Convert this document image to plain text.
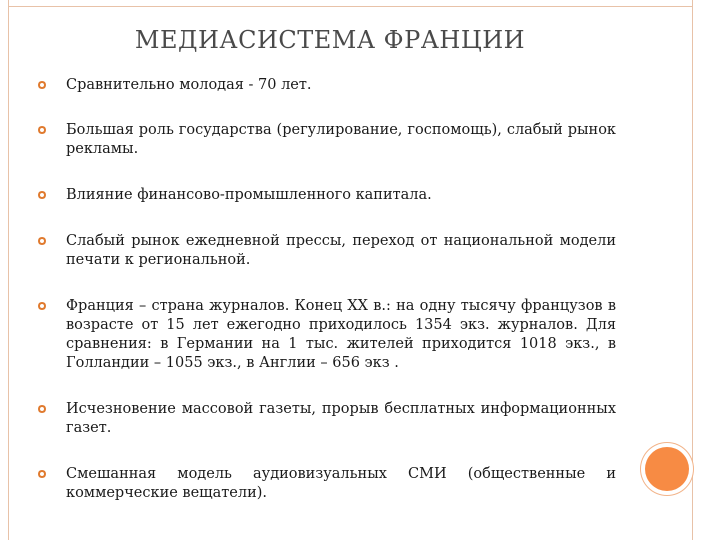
МЕДИАСИСТЕМА ФРАНЦИИ
Сравнительно молодая - 70 лет.
Большая роль государства (регулирование, госпомощь), слабый рынок рекламы.
Влияние финансово-промышленного капитала.
Слабый рынок ежедневной прессы, переход от национальной модели печати к региональной.
Франция – страна журналов. Конец XX в.: на одну тысячу французов в возрасте от 15 лет ежегодно приходилось 1354 экз. журналов. Для сравнения: в Германии на 1 тыс. жителей приходится 1018 экз., в Голландии – 1055 экз., в Англии – 656 экз .
Исчезновение массовой газеты, прорыв бесплатных информационных газет.
Смешанная модель аудиовизуальных СМИ (общественные и коммерческие вещатели).
